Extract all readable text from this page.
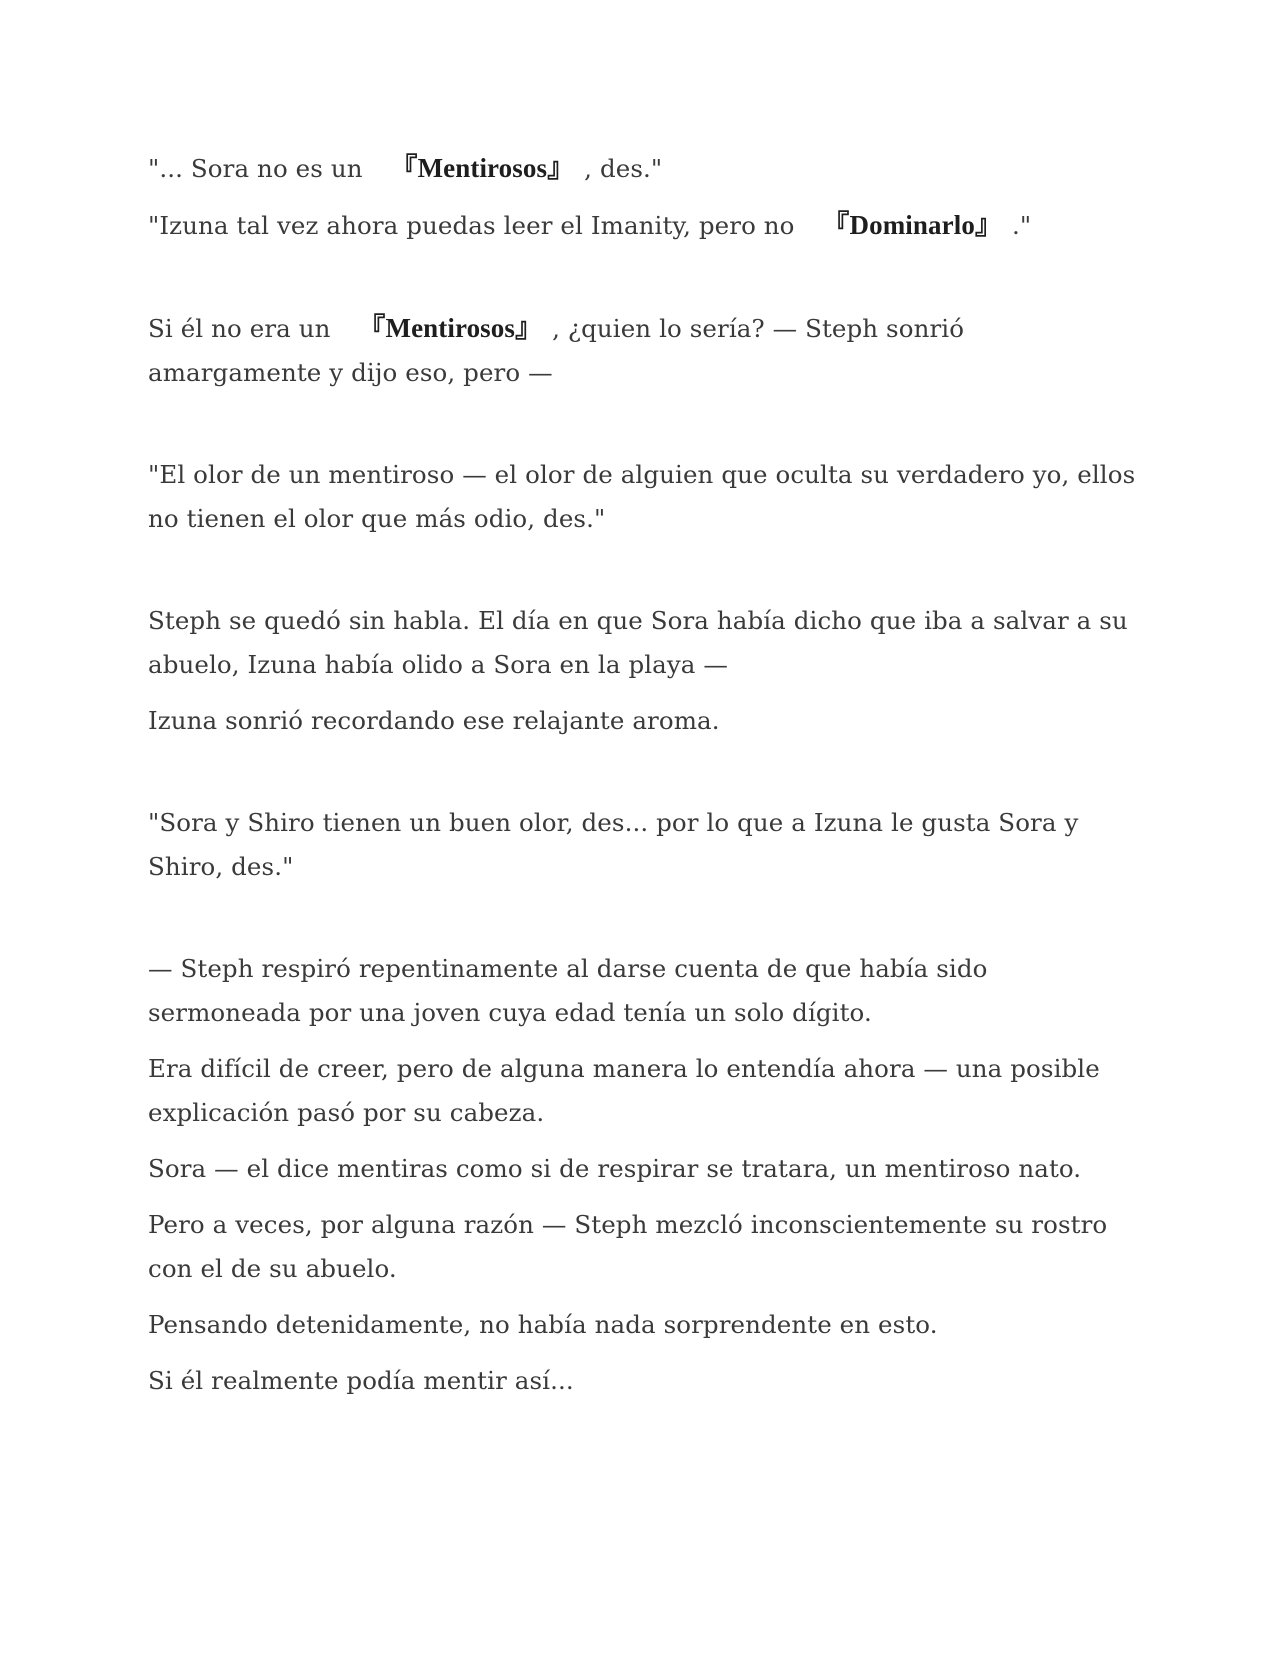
"... Sora no es un 『Mentirosos』 , des."

"Izuna tal vez ahora puedas leer el Imanity, pero no 『Dominarlo』 ."

Si él no era un 『Mentirosos』 , ¿quien lo sería? — Steph sonrió amargamente y dijo eso, pero —

"El olor de un mentiroso — el olor de alguien que oculta su verdadero yo, ellos no tienen el olor que más odio, des."

Steph se quedó sin habla. El día en que Sora había dicho que iba a salvar a su abuelo, Izuna había olido a Sora en la playa —

Izuna sonrió recordando ese relajante aroma.

"Sora y Shiro tienen un buen olor, des... por lo que a Izuna le gusta Sora y Shiro, des."

— Steph respiró repentinamente al darse cuenta de que había sido sermoneada por una joven cuya edad tenía un solo dígito.

Era difícil de creer, pero de alguna manera lo entendía ahora — una posible explicación pasó por su cabeza.

Sora — el dice mentiras como si de respirar se tratara, un mentiroso nato.

Pero a veces, por alguna razón — Steph mezcló inconscientemente su rostro con el de su abuelo.

Pensando detenidamente, no había nada sorprendente en esto.

Si él realmente podía mentir así...
